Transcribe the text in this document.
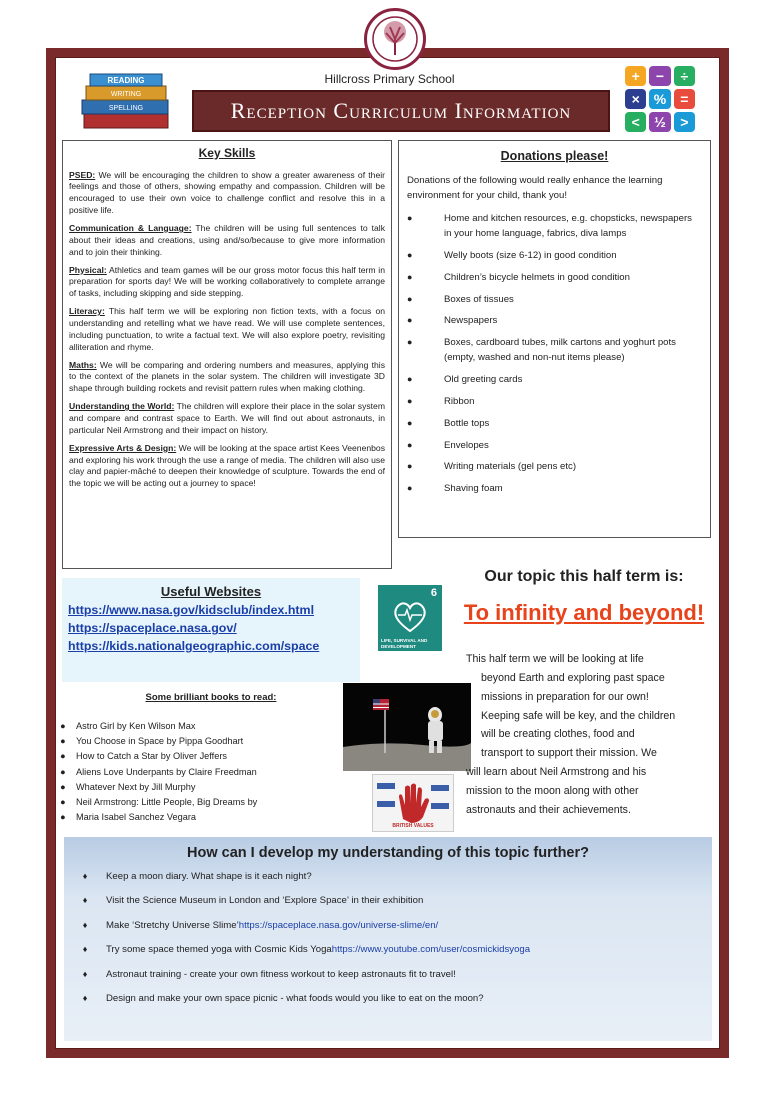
Hillcross Primary School
READING
WRITING
SPELLING	Reception Curriculum Information
+	−	÷
×	%	=
<	½	>
Key Skills

PSED: We will be encouraging the children to show a greater awareness of their feelings and those of others, showing empathy and compassion. Children will be encouraged to use their own voice to challenge conflict and resolve this in a positive life.

Communication & Language: The children will be using full sentences to talk about their ideas and creations, using and/so/because to give more information and to join their thinking.

Physical: Athletics and team games will be our gross motor focus this half term in preparation for sports day! We will be working collaboratively to complete arrange of tasks, including skipping and side stepping.

Literacy: This half term we will be exploring non fiction texts, with a focus on understanding and retelling what we have read. We will use complete sentences, including punctuation, to write a factual text. We will also explore poetry, revisiting alliteration and rhyme.

Maths: We will be comparing and ordering numbers and measures, applying this to the context of the planets in the solar system. The children will investigate 3D shape through building rockets and revisit pattern rules when making clothing.

Understanding the World: The children will explore their place in the solar system and compare and contrast space to Earth. We will find out about astronauts, in particular Neil Armstrong and their impact on history.

Expressive Arts & Design: We will be looking at the space artist Kees Veenenbos and exploring his work through the use a range of media. The children will also use clay and papier-mâché to deepen their knowledge of sculpture. Towards the end of the topic we will be acting out a journey to space!

Donations please!

Donations of the following would really enhance the learning environment for your child, thank you!

●	Home and kitchen resources, e.g. chopsticks, newspapers in your home language, fabrics, diva lamps
●	Welly boots (size 6-12) in good condition
●	Children’s bicycle helmets in good condition
●	Boxes of tissues
●	Newspapers
●	Boxes, cardboard tubes, milk cartons and yoghurt pots (empty, washed and non-nut items please)
●	Old greeting cards
●	Ribbon
●	Bottle tops
●	Envelopes
●	Writing materials (gel pens etc)
●	Shaving foam
Useful Websites
https://www.nasa.gov/kidsclub/index.html
https://spaceplace.nasa.gov/
https://kids.nationalgeographic.com/space
Some brilliant books to read:
●	Astro Girl by Ken Wilson Max
●	You Choose in Space by Pippa Goodhart
●	How to Catch a Star by Oliver Jeffers
●	Aliens Love Underpants by Claire Freedman
●	Whatever Next by Jill Murphy
●	Neil Armstrong: Little People, Big Dreams by
●	Maria Isabel Sanchez Vegara
6
LIFE, SURVIVAL AND DEVELOPMENT
Our topic this half term is:
To infinity and beyond!
BRITISH VALUES
This half term we will be looking at life
beyond Earth and exploring past space
missions in preparation for our own!
Keeping safe will be key, and the children
will be creating clothes, food and
transport to support their mission. We
will learn about Neil Armstrong and his
mission to the moon along with other
astronauts and their achievements.
How can I develop my understanding of this topic further?
♦	Keep a moon diary. What shape is it each night?
♦	Visit the Science Museum in London and ‘Explore Space’ in their exhibition
♦	Make ‘Stretchy Universe Slime’ https://spaceplace.nasa.gov/universe-slime/en/
♦	Try some space themed yoga with Cosmic Kids Yoga https://www.youtube.com/user/cosmickidsyoga
♦	Astronaut training - create your own fitness workout to keep astronauts fit to travel!
♦	Design and make your own space picnic - what foods would you like to eat on the moon?
